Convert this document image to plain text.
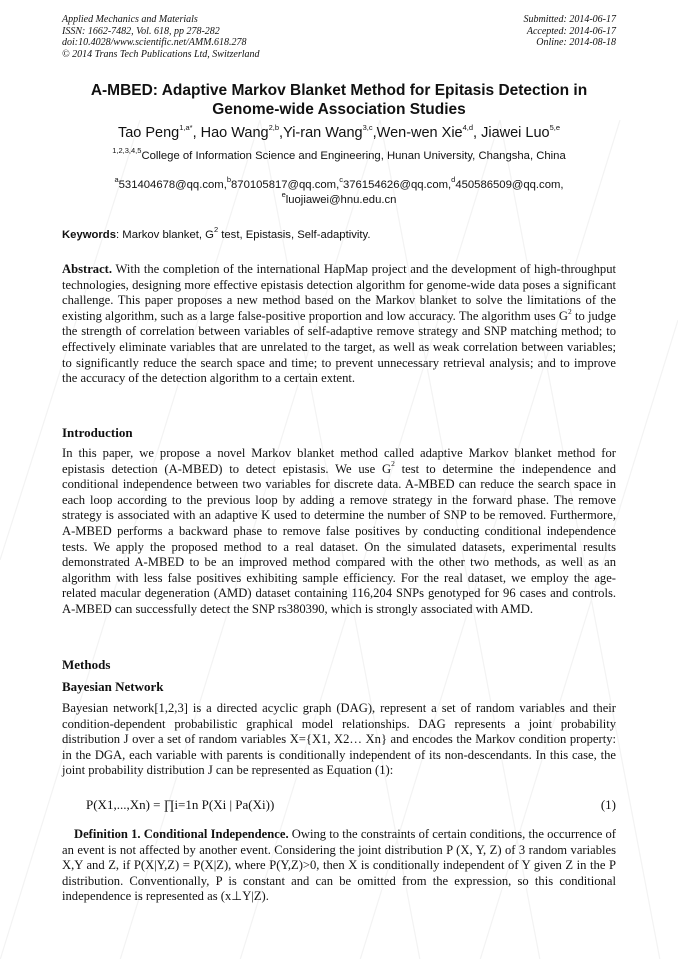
Applied Mechanics and Materials
ISSN: 1662-7482, Vol. 618, pp 278-282
doi:10.4028/www.scientific.net/AMM.618.278
© 2014 Trans Tech Publications Ltd, Switzerland
Submitted: 2014-06-17
Accepted: 2014-06-17
Online: 2014-08-18
A-MBED: Adaptive Markov Blanket Method for Epitasis Detection in
Genome-wide Association Studies
Tao Peng$^{1,a*}$, Hao Wang$^{2,b}$,Yi-ran Wang$^{3,c}$,Wen-wen Xie$^{4,d}$, Jiawei Luo$^{5,e}$
$^{1,2,3,4,5}$College of Information Science and Engineering, Hunan University, Changsha, China
$^a$531404678@qq.com,$^b$870105817@qq.com,$^c$376154626@qq.com,$^d$450586509@qq.com,
$^e$luojiawei@hnu.edu.cn
Keywords: Markov blanket, $G^2$ test, Epistasis, Self-adaptivity.
Abstract. With the completion of the international HapMap project and the development of high-throughput technologies, designing more effective epistasis detection algorithm for genome-wide data poses a significant challenge. This paper proposes a new method based on the Markov blanket to solve the limitations of the existing algorithm, such as a large false-positive proportion and low accuracy. The algorithm uses $G^2$ to judge the strength of correlation between variables of self-adaptive remove strategy and SNP matching method; to effectively eliminate variables that are unrelated to the target, as well as weak correlation between variables; to significantly reduce the search space and time; to prevent unnecessary retrieval analysis; and to improve the accuracy of the detection algorithm to a certain extent.
Introduction
In this paper, we propose a novel Markov blanket method called adaptive Markov blanket method for epistasis detection (A-MBED) to detect epistasis. We use $G^2$ test to determine the independence and conditional independence between two variables for discrete data. A-MBED can reduce the search space in each loop according to the previous loop by adding a remove strategy in the forward phase. The remove strategy is associated with an adaptive K used to determine the number of SNP to be removed. Furthermore, A-MBED performs a backward phase to remove false positives by conducting conditional independence tests. We apply the proposed method to a real dataset. On the simulated datasets, experimental results demonstrated A-MBED to be an improved method compared with the other two methods, as well as an algorithm with less false positives exhibiting sample efficiency. For the real dataset, we employ the age-related macular degeneration (AMD) dataset containing 116,204 SNPs genotyped for 96 cases and controls. A-MBED can successfully detect the SNP rs380390, which is strongly associated with AMD.
Methods
Bayesian Network
Bayesian network[1,2,3] is a directed acyclic graph (DAG), represent a set of random variables and their condition-dependent probabilistic graphical model relationships. DAG represents a joint probability distribution J over a set of random variables X={X1, X2… Xn} and encodes the Markov condition property: in the DGA, each variable with parents is conditionally independent of its non-descendants. In this case, the joint probability distribution J can be represented as Equation (1):
P(X1,...,Xn) = ∏i=1n P(Xi | Pa(Xi))	(1)
Definition 1. Conditional Independence. Owing to the constraints of certain conditions, the occurrence of an event is not affected by another event. Considering the joint distribution P (X, Y, Z) of 3 random variables X,Y and Z, if P(X|Y,Z) = P(X|Z), where P(Y,Z)>0, then X is conditionally independent of Y given Z in the P distribution. Conventionally, P is constant and can be omitted from the expression, so this conditional independence is represented as (x⊥Y|Z).
